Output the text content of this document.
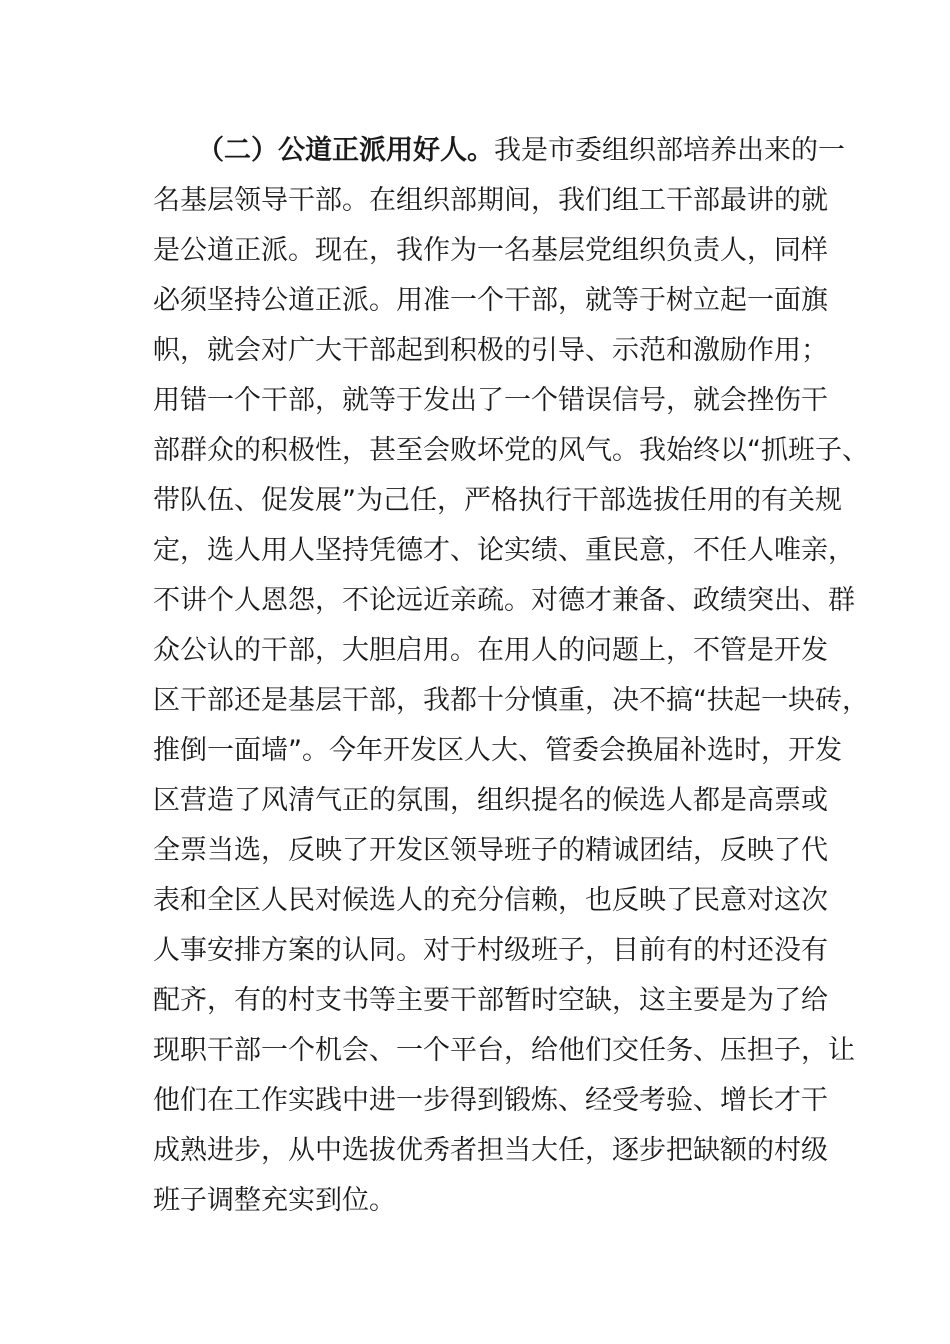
（二）公道正派用好人。我是市委组织部培养出来的一
名基层领导干部。在组织部期间，我们组工干部最讲的就
是公道正派。现在，我作为一名基层党组织负责人，同样
必须坚持公道正派。用准一个干部，就等于树立起一面旗
帜，就会对广大干部起到积极的引导、示范和激励作用；
用错一个干部，就等于发出了一个错误信号，就会挫伤干
部群众的积极性，甚至会败坏党的风气。我始终以“抓班子、
带队伍、促发展”为己任，严格执行干部选拔任用的有关规
定，选人用人坚持凭德才、论实绩、重民意，不任人唯亲，
不讲个人恩怨，不论远近亲疏。对德才兼备、政绩突出、群
众公认的干部，大胆启用。在用人的问题上，不管是开发
区干部还是基层干部，我都十分慎重，决不搞“扶起一块砖，
推倒一面墙”。今年开发区人大、管委会换届补选时，开发
区营造了风清气正的氛围，组织提名的候选人都是高票或
全票当选，反映了开发区领导班子的精诚团结，反映了代
表和全区人民对候选人的充分信赖，也反映了民意对这次
人事安排方案的认同。对于村级班子，目前有的村还没有
配齐，有的村支书等主要干部暂时空缺，这主要是为了给
现职干部一个机会、一个平台，给他们交任务、压担子，让
他们在工作实践中进一步得到锻炼、经受考验、增长才干
成熟进步，从中选拔优秀者担当大任，逐步把缺额的村级
班子调整充实到位。
